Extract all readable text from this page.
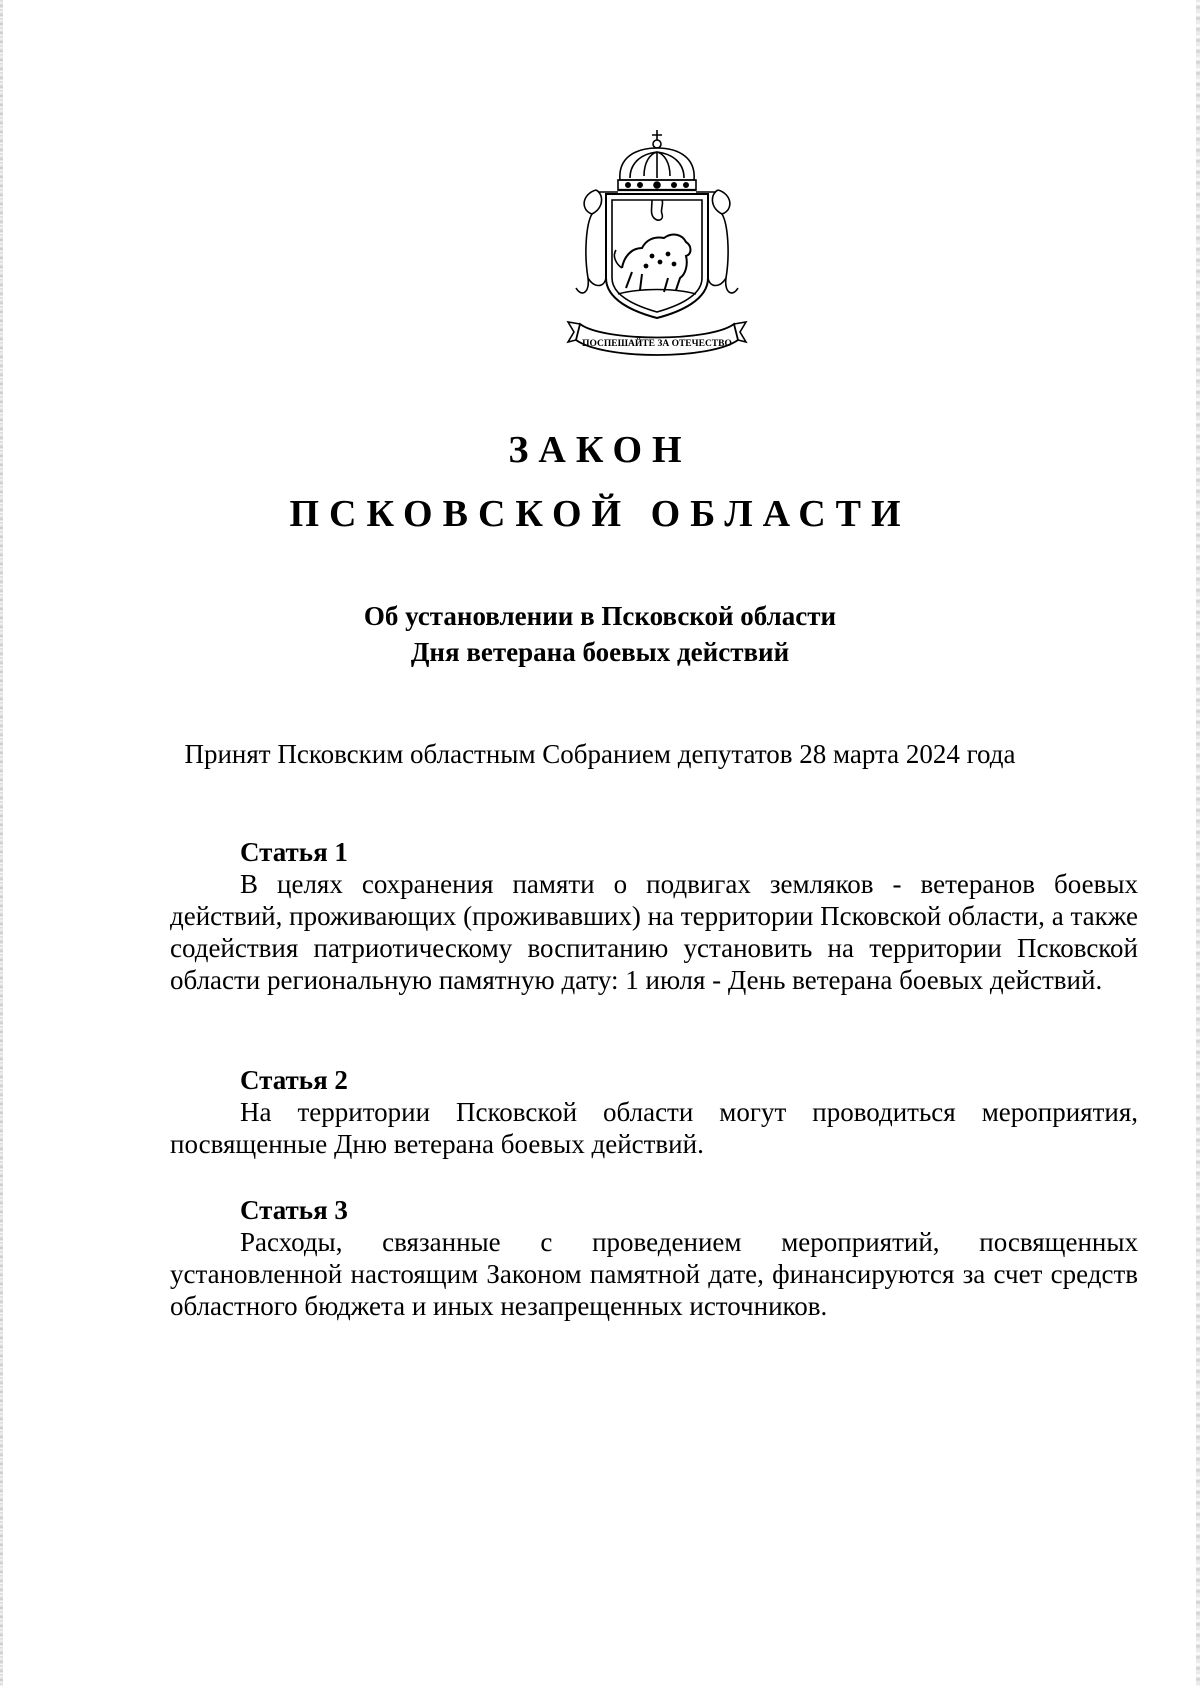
ПОСПЕШАЙТЕ ЗА ОТЕЧЕСТВО
ЗАКОН
ПСКОВСКОЙ ОБЛАСТИ
Об установлении в Псковской области
Дня ветерана боевых действий
Принят Псковским областным Собранием депутатов 28 марта 2024 года

Статья 1

В целях сохранения памяти о подвигах земляков - ветеранов боевых действий, проживающих (проживавших) на территории Псковской области, а также содействия патриотическому воспитанию установить на территории Псковской области региональную памятную дату: 1 июля - День ветерана боевых действий.

Статья 2

На территории Псковской области могут проводиться мероприятия, посвященные Дню ветерана боевых действий.

Статья 3

Расходы, связанные с проведением мероприятий, посвященных установленной настоящим Законом памятной дате, финансируются за счет средств областного бюджета и иных незапрещенных источников.
